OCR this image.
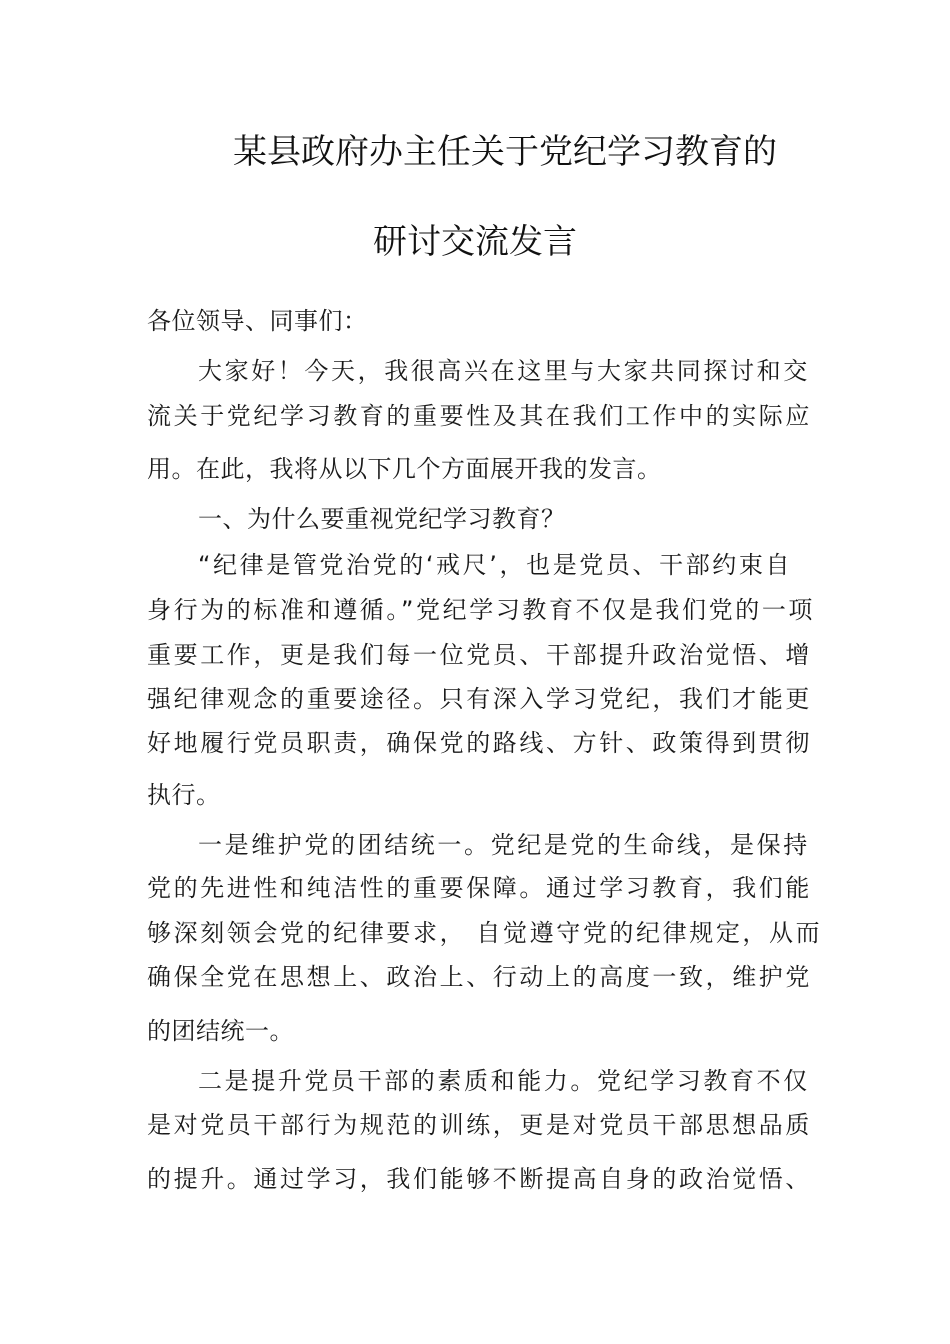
某县政府办主任关于党纪学习教育的
研讨交流发言
各位领导、同事们：
大家好！今天，我很高兴在这里与大家共同探讨和交
流关于党纪学习教育的重要性及其在我们工作中的实际应
用。在此，我将从以下几个方面展开我的发言。
一、为什么要重视党纪学习教育？
“纪律是管党治党的‘戒尺’，也是党员、干部约束自
身行为的标准和遵循。”党纪学习教育不仅是我们党的一项
重要工作，更是我们每一位党员、干部提升政治觉悟、增
强纪律观念的重要途径。只有深入学习党纪，我们才能更
好地履行党员职责，确保党的路线、方针、政策得到贯彻
执行。
一是维护党的团结统一。党纪是党的生命线，是保持
党的先进性和纯洁性的重要保障。通过学习教育，我们能
够深刻领会党的纪律要求， 自觉遵守党的纪律规定，从而
确保全党在思想上、政治上、行动上的高度一致，维护党
的团结统一。
二是提升党员干部的素质和能力。党纪学习教育不仅
是对党员干部行为规范的训练，更是对党员干部思想品质
的提升。通过学习，我们能够不断提高自身的政治觉悟、
